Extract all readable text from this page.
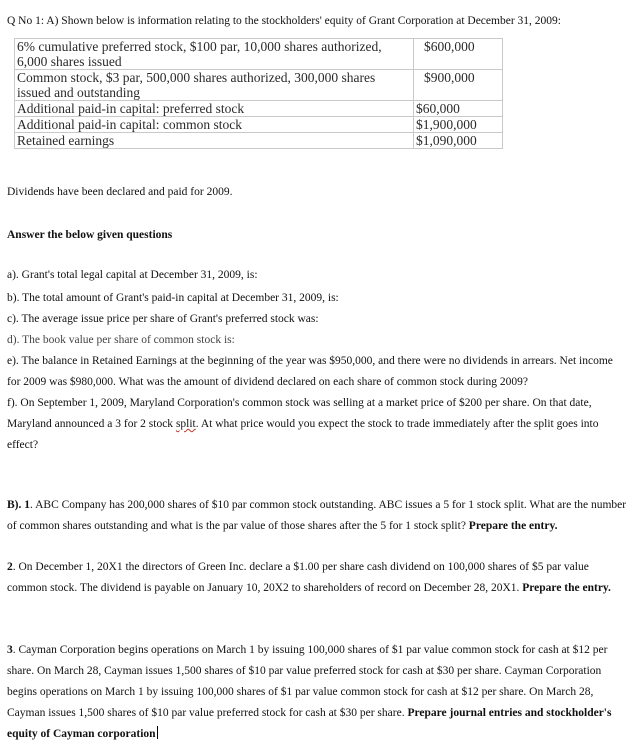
Q No 1: A) Shown below is information relating to the stockholders' equity of Grant Corporation at December 31, 2009:
6% cumulative preferred stock, $100 par, 10,000 shares authorized, 6,000 shares issued	$600,000
Common stock, $3 par, 500,000 shares authorized, 300,000 shares issued and outstanding	$900,000
Additional paid-in capital: preferred stock	$60,000
Additional paid-in capital: common stock	$1,900,000
Retained earnings	$1,090,000
Dividends have been declared and paid for 2009.
Answer the below given questions
a). Grant's total legal capital at December 31, 2009, is:
b). The total amount of Grant's paid-in capital at December 31, 2009, is:
c). The average issue price per share of Grant's preferred stock was:
d). The book value per share of common stock is:
e). The balance in Retained Earnings at the beginning of the year was $950,000, and there were no dividends in arrears. Net income for 2009 was $980,000. What was the amount of dividend declared on each share of common stock during 2009?
f). On September 1, 2009, Maryland Corporation's common stock was selling at a market price of $200 per share. On that date, Maryland announced a 3 for 2 stock split. At what price would you expect the stock to trade immediately after the split goes into effect?
B). 1. ABC Company has 200,000 shares of $10 par common stock outstanding. ABC issues a 5 for 1 stock split. What are the number of common shares outstanding and what is the par value of those shares after the 5 for 1 stock split? Prepare the entry.
2. On December 1, 20X1 the directors of Green Inc. declare a $1.00 per share cash dividend on 100,000 shares of $5 par value common stock. The dividend is payable on January 10, 20X2 to shareholders of record on December 28, 20X1. Prepare the entry.
3. Cayman Corporation begins operations on March 1 by issuing 100,000 shares of $1 par value common stock for cash at $12 per share. On March 28, Cayman issues 1,500 shares of $10 par value preferred stock for cash at $30 per share. Cayman Corporation begins operations on March 1 by issuing 100,000 shares of $1 par value common stock for cash at $12 per share. On March 28, Cayman issues 1,500 shares of $10 par value preferred stock for cash at $30 per share. Prepare journal entries and stockholder's equity of Cayman corporation
